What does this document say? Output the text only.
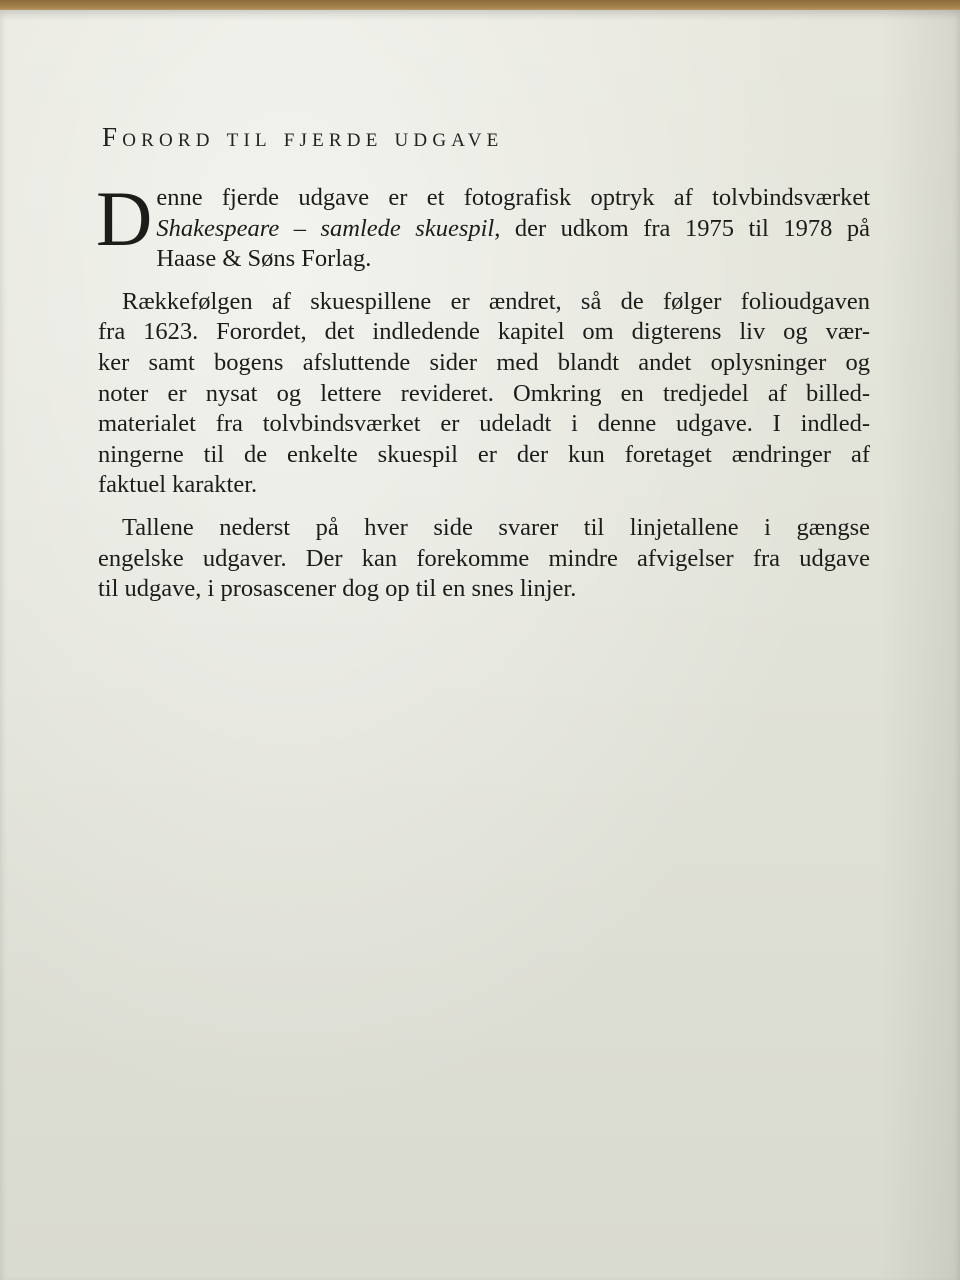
Forord til fjerde udgave
D enne fjerde udgave er et fotografisk optryk af tolvbindsværket
Shakespeare – samlede skuespil, der udkom fra 1975 til 1978 på
Haase & Søns Forlag.
Rækkefølgen af skuespillene er ændret, så de følger folioudgaven
fra 1623. Forordet, det indledende kapitel om digterens liv og vær-
ker samt bogens afsluttende sider med blandt andet oplysninger og
noter er nysat og lettere revideret. Omkring en tredjedel af billed-
materialet fra tolvbindsværket er udeladt i denne udgave. I indled-
ningerne til de enkelte skuespil er der kun foretaget ændringer af
faktuel karakter.
Tallene nederst på hver side svarer til linjetallene i gængse
engelske udgaver. Der kan forekomme mindre afvigelser fra udgave
til udgave, i prosascener dog op til en snes linjer.
